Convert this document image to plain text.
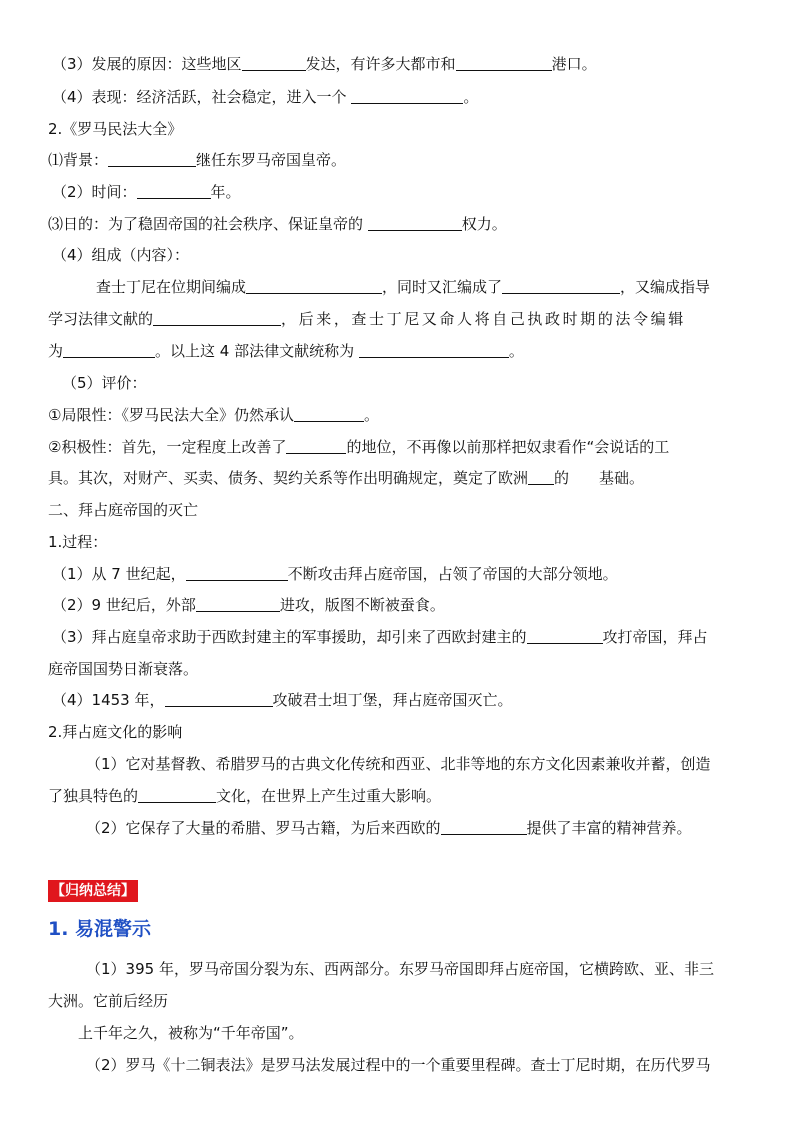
（3）发展的原因：这些地区	发达，有许多大都市和	港口。
（4）表现：经济活跃，社会稳定，进入一个	。
2.《罗马民法大全》
⑴背景：	继任东罗马帝国皇帝。
（2）时间：	年。
⑶日的：为了稳固帝国的社会秩序、保证皇帝的	权力。
（4）组成（内容）：
查士丁尼在位期间编成	，同时又汇编成了	，又编成指导
学习法律文献的	，后来，查士丁尼又命人将自己执政时期的法令编辑
为	。以上这 4 部法律文献统称为	。
（5）评价：
①局限性：《罗马民法大全》仍然承认	。
②积极性：首先，一定程度上改善了	的地位，不再像以前那样把奴隶看作“会说话的工
具。其次，对财产、买卖、债务、契约关系等作出明确规定，奠定了欧洲 的 基础。
二、拜占庭帝国的灭亡
1.过程：
（1）从 7 世纪起，	不断攻击拜占庭帝国，占领了帝国的大部分领地。
（2）9 世纪后，外部	进攻，版图不断被蚕食。
（3）拜占庭皇帝求助于西欧封建主的军事援助，却引来了西欧封建主的	攻打帝国，拜占
庭帝国国势日渐衰落。
（4）1453 年，	攻破君士坦丁堡，拜占庭帝国灭亡。
2.拜占庭文化的影响
（1）它对基督教、希腊罗马的古典文化传统和西亚、北非等地的东方文化因素兼收并蓄，创造
了独具特色的	文化，在世界上产生过重大影响。
（2）它保存了大量的希腊、罗马古籍，为后来西欧的	提供了丰富的精神营养。
【归纳总结】
1. 易混警示
（1）395 年，罗马帝国分裂为东、西两部分。东罗马帝国即拜占庭帝国，它横跨欧、亚、非三
大洲。它前后经历
上千年之久，被称为“千年帝国”。
（2）罗马《十二铜表法》是罗马法发展过程中的一个重要里程碑。查士丁尼时期，在历代罗马
